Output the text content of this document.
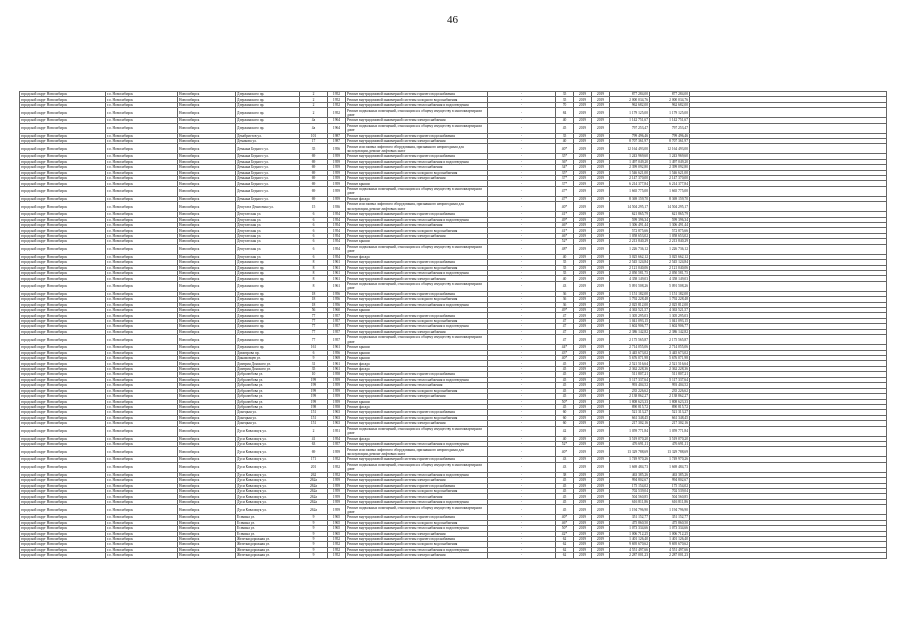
46
городской округ Новосибирск	г.о. Новосибирск	Новосибирск	Дзержинского пр.	2	1952	Ремонт внутридомовой инженерной системы горячего водоснабжения	-	35	2019	2019	877 284,00	877 284,00	
городской округ Новосибирск	г.о. Новосибирск	Новосибирск	Дзержинского пр.	2	1952	Ремонт внутридомовой инженерной системы холодного водоснабжения	-	35	2019	2019	2 000 034,76	2 000 034,76	
городской округ Новосибирск	г.о. Новосибирск	Новосибирск	Дзержинского пр.	2	1952	Ремонт внутридомовой инженерной системы теплоснабжения и водоотведения	-	70	2019	2019	962 682,00	962 682,00	
городской округ Новосибирск	г.о. Новосибирск	Новосибирск	Дзержинского пр.	2	1952	Ремонт подвальных помещений, относящихся к общему имуществу в многоквартирном доме	-	84	2019	2019	1 179 125,00	1 179 125,00	
городской округ Новосибирск	г.о. Новосибирск	Новосибирск	Дзержинского пр.	4а	1964	Ремонт внутридомовой инженерной системы электроснабжения	-	40	2019	2019	1 142 751,67	1 142 751,67	
городской округ Новосибирск	г.о. Новосибирск	Новосибирск	Дзержинского пр.	4а	1964	Ремонт подвальных помещений, относящихся к общему имуществу в многоквартирном доме	-	45	2019	2019	797 253,47	797 253,47	
городской округ Новосибирск	г.о. Новосибирск	Новосибирск	Декабристов ул.	101	1987	Ремонт внутридомовой инженерной системы горячего водоснабжения	-	35	2019	2019	799 496,46	799 496,46	
городской округ Новосибирск	г.о. Новосибирск	Новосибирск	Демакова ул.	17	1987	Ремонт внутридомовой инженерной системы электроснабжения	-	40	2019	2019	8 707 361,97	8 707 361,97	
городской округ Новосибирск	г.о. Новосибирск	Новосибирск	Демьяна Бедного ул.	35	1956	Ремонт или замена лифтового оборудования, признанного непригодным для эксплуатации, ремонт лифтовых шахт	-	40*	2019	2019	12 164 493,00	12 164 493,00	
городской округ Новосибирск	г.о. Новосибирск	Новосибирск	Демьяна Бедного ул.	69	1959	Ремонт внутридомовой инженерной системы горячего водоснабжения	-	35*	2019	2019	1 243 969,60	1 243 969,60	
городской округ Новосибирск	г.о. Новосибирск	Новосибирск	Демьяна Бедного ул.	69	1959	Ремонт внутридомовой инженерной системы теплоснабжения и водоотведения	-	36*	2019	2019	1 497 049,20	1 497 049,20	
городской округ Новосибирск	г.о. Новосибирск	Новосибирск	Демьяна Бедного ул.	69	1959	Ремонт внутридомовой инженерной системы теплоснабжения	-	34*	2019	2019	2 399 092,80	2 399 092,80	
городской округ Новосибирск	г.о. Новосибирск	Новосибирск	Демьяна Бедного ул.	69	1959	Ремонт внутридомовой инженерной системы холодного водоснабжения	-	35*	2019	2019	1 546 621,00	1 546 621,00	
городской округ Новосибирск	г.о. Новосибирск	Новосибирск	Демьяна Бедного ул.	69	1959	Ремонт внутридомовой инженерной системы электроснабжения	-	37*	2019	2019	2 147 370,00	2 147 370,00	
городской округ Новосибирск	г.о. Новосибирск	Новосибирск	Демьяна Бедного ул.	69	1959	Ремонт крыши	-	37*	2019	2019	6 214 377,84	6 214 377,84	
городской округ Новосибирск	г.о. Новосибирск	Новосибирск	Демьяна Бедного ул.	69	1959	Ремонт подвальных помещений, относящихся к общему имуществу в многоквартирном доме	-	47*	2019	2019	1 665 775,00	1 665 775,00	
городской округ Новосибирск	г.о. Новосибирск	Новосибирск	Демьяна Бедного ул.	69	1959	Ремонт фасада	-	47*	2019	2019	8 369 159,70	8 369 159,70	
городской округ Новосибирск	г.о. Новосибирск	Новосибирск	Депутата Денисенко ул.	15	1936	Ремонт или замена лифтового оборудования, признанного непригодным для эксплуатации, ремонт лифтовых шахт	-	40*	2019	2019	14 504 295,17	14 504 295,17	
городской округ Новосибирск	г.о. Новосибирск	Новосибирск	Депутатская ул.	6	1954	Ремонт внутридомовой инженерной системы горячего водоснабжения	-	41*	2019	2019	621 865,79	621 865,79	
городской округ Новосибирск	г.о. Новосибирск	Новосибирск	Депутатская ул.	6	1954	Ремонт внутридомовой инженерной системы теплоснабжения и водоотведения	-	49*	2019	2019	599 396,34	599 396,34	
городской округ Новосибирск	г.о. Новосибирск	Новосибирск	Депутатская ул.	6	1954	Ремонт внутридомовой инженерной системы теплоснабжения	-	46*	2019	2019	1 306 491,44	1 306 491,44	
городской округ Новосибирск	г.о. Новосибирск	Новосибирск	Депутатская ул.	6	1954	Ремонт внутридомовой инженерной системы холодного водоснабжения	-	41*	2019	2019	572 875,66	572 875,66	
городской округ Новосибирск	г.о. Новосибирск	Новосибирск	Депутатская ул.	6	1954	Ремонт внутридомовой инженерной системы электроснабжения	-	46*	2019	2019	1 058 653,02	1 058 653,02	
городской округ Новосибирск	г.о. Новосибирск	Новосибирск	Депутатская ул.	6	1954	Ремонт крыши	-	52*	2019	2019	2 213 840,29	2 213 840,29	
городской округ Новосибирск	г.о. Новосибирск	Новосибирск	Депутатская ул.	6	1954	Ремонт подвальных помещений, относящихся к общему имуществу в многоквартирном доме	-	48*	2019	2019	1 226 736,12	1 226 736,12	
городской округ Новосибирск	г.о. Новосибирск	Новосибирск	Депутатская ул.	6	1954	Ремонт фасада	-	40	2019	2019	3 025 662,12	3 025 662,12	
городской округ Новосибирск	г.о. Новосибирск	Новосибирск	Дзержинского пр.	8	1961	Ремонт внутридомовой инженерной системы горячего водоснабжения	-	35	2019	2019	2 545 124,84	2 545 124,84	
городской округ Новосибирск	г.о. Новосибирск	Новосибирск	Дзержинского пр.	8	1961	Ремонт внутридомовой инженерной системы холодного водоснабжения	-	35	2019	2019	2 121 040,06	2 121 040,06	
городской округ Новосибирск	г.о. Новосибирск	Новосибирск	Дзержинского пр.	8	1961	Ремонт внутридомовой инженерной системы теплоснабжения и водоотведения	-	35	2019	2019	2 050 581,75	2 050 581,75	
городской округ Новосибирск	г.о. Новосибирск	Новосибирск	Дзержинского пр.	8	1961	Ремонт внутридомовой инженерной системы электроснабжения	-	40	2019	2019	4 358 149,03	4 358 149,03	
городской округ Новосибирск	г.о. Новосибирск	Новосибирск	Дзержинского пр.	8	1961	Ремонт подвальных помещений, относящихся к общему имуществу в многоквартирном доме	-	43	2019	2019	5 091 508,26	5 091 508,26	
городской округ Новосибирск	г.о. Новосибирск	Новосибирск	Дзержинского пр.	18	1956	Ремонт внутридомовой инженерной системы горячего водоснабжения	-	36	2019	2019	1 151 182,00	1 151 182,00	
городской округ Новосибирск	г.о. Новосибирск	Новосибирск	Дзержинского пр.	18	1956	Ремонт внутридомовой инженерной системы холодного водоснабжения	-	36	2019	2019	1 792 228,48	1 792 228,48	
городской округ Новосибирск	г.о. Новосибирск	Новосибирск	Дзержинского пр.	18	1956	Ремонт внутридомовой инженерной системы теплоснабжения и водоотведения	-	36	2019	2019	2 025 812,00	2 025 812,00	
городской округ Новосибирск	г.о. Новосибирск	Новосибирск	Дзержинского пр.	56	1960	Ремонт крыши	-	49*	2019	2019	4 363 521,57	4 363 521,57	
городской округ Новосибирск	г.о. Новосибирск	Новосибирск	Дзержинского пр.	77	1957	Ремонт внутридомовой инженерной системы горячего водоснабжения	-	47	2019	2019	1 305 295,03	1 305 295,03	
городской округ Новосибирск	г.о. Новосибирск	Новосибирск	Дзержинского пр.	77	1957	Ремонт внутридомовой инженерной системы холодного водоснабжения	-	47	2019	2019	1 041 093,15	1 041 093,15	
городской округ Новосибирск	г.о. Новосибирск	Новосибирск	Дзержинского пр.	77	1957	Ремонт внутридомовой инженерной системы теплоснабжения и водоотведения	-	47	2019	2019	1 602 906,77	1 602 906,77	
городской округ Новосибирск	г.о. Новосибирск	Новосибирск	Дзержинского пр.	77	1957	Ремонт внутридомовой инженерной системы электроснабжения	-	47	2019	2019	2 386 142,82	2 386 142,82	
городской округ Новосибирск	г.о. Новосибирск	Новосибирск	Дзержинского пр.	77	1957	Ремонт подвальных помещений, относящихся к общему имуществу в многоквартирном доме	-	47	2019	2019	2 175 565,87	2 175 565,87	
городской округ Новосибирск	г.о. Новосибирск	Новосибирск	Дзержинского пр.	161	1961	Ремонт крыши	-	44*	2019	2019	2 714 055,06	2 714 055,06	
городской округ Новосибирск	г.о. Новосибирск	Новосибирск	Димитрова пр.	6	1956	Ремонт крыши	-	43*	2019	2019	3 445 673,02	3 445 673,02	
городской округ Новосибирск	г.о. Новосибирск	Новосибирск	Динамовцев ул.	9	1969	Ремонт крыши	-	40*	2019	2019	5 676 071,98	5 676 071,98	
городской округ Новосибирск	г.о. Новосибирск	Новосибирск	Дмитрия Донского ул.	31	1961	Ремонт фасада	-	45	2019	2019	2 521 516,64	2 521 516,64	
городской округ Новосибирск	г.о. Новосибирск	Новосибирск	Дмитрия Донского ул.	35	1961	Ремонт фасада	-	45	2019	2019	2 362 228,36	2 362 228,36	
городской округ Новосибирск	г.о. Новосибирск	Новосибирск	Добролюбова ул.	10	1958	Ремонт внутридомовой инженерной системы горячего водоснабжения	-	45	2019	2019	511 807,21	511 807,21	
городской округ Новосибирск	г.о. Новосибирск	Новосибирск	Добролюбова ул.	199	1959	Ремонт внутридомовой инженерной системы теплоснабжения и водоотведения	-	45	2019	2019	5 117 337,64	5 117 337,64	
городской округ Новосибирск	г.о. Новосибирск	Новосибирск	Добролюбова ул.	199	1959	Ремонт внутридомовой инженерной системы теплоснабжения	-	45	2019	2019	993 404,52	993 404,52	
городской округ Новосибирск	г.о. Новосибирск	Новосибирск	Добролюбова ул.	199	1959	Ремонт внутридомовой инженерной системы холодного водоснабжения	-	45	2019	2019	235 226,62	235 226,62	
городской округ Новосибирск	г.о. Новосибирск	Новосибирск	Добролюбова ул.	199	1959	Ремонт внутридомовой инженерной системы электроснабжения	-	45	2019	2019	2 138 862,27	2 138 862,27	
городской округ Новосибирск	г.о. Новосибирск	Новосибирск	Добролюбова ул.	199	1959	Ремонт крыши	-	50*	2019	2019	1 808 623,33	1 808 623,33	
городской округ Новосибирск	г.о. Новосибирск	Новосибирск	Добролюбова ул.	198	1958	Ремонт фасада	-	45	2019	2019	890 815,72	890 815,72	
городской округ Новосибирск	г.о. Новосибирск	Новосибирск	Донецкая ул.	151	1963	Ремонт внутридомовой инженерной системы горячего водоснабжения	-	60	2019	2019	521 313,27	521 313,27	
городской округ Новосибирск	г.о. Новосибирск	Новосибирск	Донецкая ул.	151	1963	Ремонт внутридомовой инженерной системы холодного водоснабжения	-	60	2019	2019	661 348,45	661 348,45	
городской округ Новосибирск	г.о. Новосибирск	Новосибирск	Донецкая ул.	151	1963	Ремонт внутридомовой инженерной системы электроснабжения	-	60	2019	2019	217 302,16	217 302,16	
городской округ Новосибирск	г.о. Новосибирск	Новосибирск	Дуси Ковальчук ул.	2	1951	Ремонт подвальных помещений, относящихся к общему имуществу в многоквартирном доме	-	42	2019	2019	1 059 771,84	1 059 771,84	
городской округ Новосибирск	г.о. Новосибирск	Новосибирск	Дуси Ковальчук ул.	41	1954	Ремонт фасада	-	40	2019	2019	3 519 070,20	3 519 070,20	
городской округ Новосибирск	г.о. Новосибирск	Новосибирск	Дуси Ковальчук ул.	63	1957	Ремонт внутридомовой инженерной системы теплоснабжения и водоотведения	-	52*	2019	2019	476 691,11	476 691,11	
городской округ Новосибирск	г.о. Новосибирск	Новосибирск	Дуси Ковальчук ул.	69	1959	Ремонт или замена лифтового оборудования, признанного непригодным для эксплуатации, ремонт лифтовых шахт	-	40*	2019	2019	13 329 788,69	13 329 788,69	
городской округ Новосибирск	г.о. Новосибирск	Новосибирск	Дуси Ковальчук ул.	171	1952	Ремонт внутридомовой инженерной системы горячего водоснабжения	-	43	2019	2019	1 749 970,26	1 749 970,26	
городской округ Новосибирск	г.о. Новосибирск	Новосибирск	Дуси Ковальчук ул.	201	1952	Ремонт подвальных помещений, относящихся к общему имуществу в многоквартирном доме	-	43	2019	2019	1 669 484,73	1 669 484,73	
городской округ Новосибирск	г.о. Новосибирск	Новосибирск	Дуси Ковальчук ул.	262	1952	Ремонт внутридомовой инженерной системы теплоснабжения и водоотведения	-	38	2019	2019	463 385,26	463 385,26	
городской округ Новосибирск	г.о. Новосибирск	Новосибирск	Дуси Ковальчук ул.	262а	1959	Ремонт внутридомовой инженерной системы электроснабжения	-	45	2019	2019	994 802,67	994 802,67	
городской округ Новосибирск	г.о. Новосибирск	Новосибирск	Дуси Ковальчук ул.	262а	1959	Ремонт внутридомовой инженерной системы горячего водоснабжения	-	45	2019	2019	175 154,02	175 154,02	
городской округ Новосибирск	г.о. Новосибирск	Новосибирск	Дуси Ковальчук ул.	262а	1959	Ремонт внутридомовой инженерной системы холодного водоснабжения	-	45	2019	2019	702 539,04	702 539,04	
городской округ Новосибирск	г.о. Новосибирск	Новосибирск	Дуси Ковальчук ул.	262а	1959	Ремонт внутридомовой инженерной системы теплоснабжения	-	45	2019	2019	504 560,85	504 560,85	
городской округ Новосибирск	г.о. Новосибирск	Новосибирск	Дуси Ковальчук ул.	262а	1959	Ремонт внутридомовой инженерной системы теплоснабжения и водоотведения	-	45	2019	2019	616 811,86	616 811,86	
городской округ Новосибирск	г.о. Новосибирск	Новосибирск	Дуси Ковальчук ул.	262а	1959	Ремонт подвальных помещений, относящихся к общему имуществу в многоквартирном доме	-	45	2019	2019	1 194 796,90	1 194 796,90	
городской округ Новосибирск	г.о. Новосибирск	Новосибирск	Есенина ул.	9	1965	Ремонт внутридомовой инженерной системы горячего водоснабжения	-	40*	2019	2019	351 152,77	351 152,77	
городской округ Новосибирск	г.о. Новосибирск	Новосибирск	Есенина ул.	9	1965	Ремонт внутридомовой инженерной системы холодного водоснабжения	-	46*	2019	2019	475 860,50	475 860,50	
городской округ Новосибирск	г.о. Новосибирск	Новосибирск	Есенина ул.	9	1965	Ремонт внутридомовой инженерной системы теплоснабжения и водоотведения	-	50*	2019	2019	1 073 334,66	1 073 334,66	
городской округ Новосибирск	г.о. Новосибирск	Новосибирск	Есенина ул.	9	1965	Ремонт внутридомовой инженерной системы электроснабжения	-	42*	2019	2019	1 006 712,25	1 006 712,25	
городской округ Новосибирск	г.о. Новосибирск	Новосибирск	Железнодорожная ул.	9	1952	Ремонт внутридомовой инженерной системы горячего водоснабжения	-	62	2019	2019	1 401 126,40	1 401 126,40	
городской округ Новосибирск	г.о. Новосибирск	Новосибирск	Железнодорожная ул.	9	1952	Ремонт внутридомовой инженерной системы холодного водоснабжения	-	62	2019	2019	9 695 670,62	9 695 670,62	
городской округ Новосибирск	г.о. Новосибирск	Новосибирск	Железнодорожная ул.	9	1952	Ремонт внутридомовой инженерной системы теплоснабжения и водоотведения	-	62	2019	2019	4 551 497,66	4 551 497,66	
городской округ Новосибирск	г.о. Новосибирск	Новосибирск	Железнодорожная ул.	9	1952	Ремонт внутридомовой инженерной системы электроснабжения	-	62	2019	2019	2 287 001,23	2 287 001,23	
